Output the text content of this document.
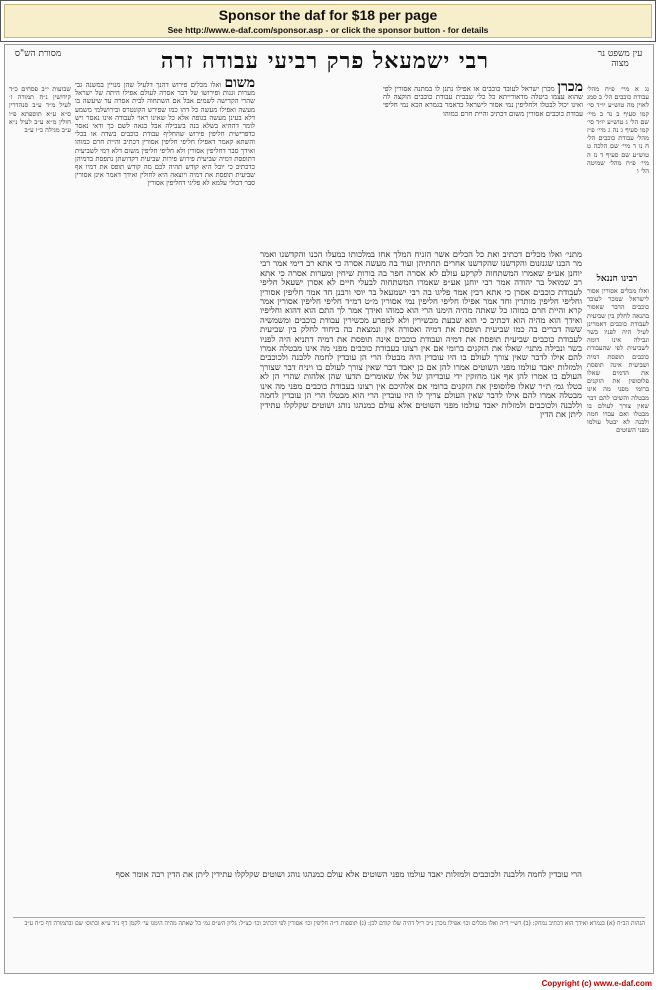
Sponsor the daf for $18 per page
See http://www.e-daf.com/sponsor.asp - or click the sponsor button - for details
עין משפט נר מצוה
מסורת הש"ס	רבי ישמעאל פרק רביעי עבודה זרה
נג א מיי׳ פ״ח מהל׳ עבודת כוכבים הל׳ ב סמג לאוין מה טוש״ע יו״ד סי׳ קמו סעיף ב נד ב מיי׳ שם הל׳ ג טוש״ע יו״ד סי׳ קמו סעיף ג נה ג מיי׳ פ״ז מהל׳ עבודת כוכבים הל׳ ח נו ד מיי׳ שם הלכה ט טוש״ע שם סעיף ד נז ה מיי׳ פ״ח מהל׳ שמיטה הל׳ ו
מכרן מכרן ישראל לעובד כוכבים או אפילו נתנן לו במתנה אסורין לפי שהוא עצמו ביטלה מדאורייתא כל כלי שבבית עבודת כוכבים הוקצה לה ואינו יכול לבטלו ולחליפין נמי אסור לישראל כדאמר בגמרא הכא נמי חליפי עבודת כוכבים אסורין משום דכתיב והיית חרם כמוהו
משום ואלו מכלים פירוש דהנך דלעיל שהן מנויין במשנה גבי מערות וגנות ופירושו של דבר אסרה לעולם אפילו היתה של ישראל שהרי הקדישה לשמים אבל אם השתחוה לבית אסרה עד שיעשה בו מעשה ואפילו מעשה כל דהו כמו שפירש הקונטרס ובירושלמי משמע דלא בעינן מעשה בגופה אלא כל שאינו ראוי לעבודה אינו נאסר ויש לומר דההיא בשלא בנה בשבילה אבל בנאה לשם כך ודאי נאסר כדפרישית חליפין פירוש שהחליף עבודת כוכבים בשדה או בכלי והשתא קאמר דאפילו חליפי חליפין אסורין דכתיב והיית חרם כמוהו ואידך סבר דחליפין אסורין ולא חליפי חליפין משום דלא דמי לשביעית דתופסת דמיה שביעית פירוש פירות שביעית דקדושתן נתפסת בדמיהן כדכתיב כי יובל היא קודש תהיה לכם מה קודש תופס את דמיו אף שביעית תופסת את דמיה ויוצאה היא לחולין ואידך דאמר אינן אסורין סבר דכולי עלמא לא פליגי דחליפין אסורין
שבועות י״ב פסחים כ״ד קידושין נ״ח תמורה ז׳ לעיל מ״ד ע״ב סנהדרין ס״א ע״א תוספתא פ״ו חולין מ״א ע״ב לעיל נ״א ע״ב מגילה כ״ו ע״ב
מתני׳ ואלו מכלים דכתיב ואת כל הכלים אשר הזניח המלך אחז במלכותו במעלו הכנו והקדשנו ואמר מר הכנו שגנזנום והקדשנו שהקדשנו אחרים תחתיהן ועוד בה מעשה אסרה כי אתא רב דימי אמר רבי יוחנן אע״פ שאמרו המשתחוה לקרקע עולם לא אסרה חפר בה בורות שיחין ומערות אסרה כי אתא רב שמואל בר יהודה אמר רבי יוחנן אע״פ שאמרו המשתחוה לבעלי חיים לא אסרן ישעאל חליפי לעבודת כוכבים אסרן כי אתא רבין אמר פליגו בה רבי ישמעאל בר יוסי ורבנן חד אמר חליפין אסורין וחליפי חליפין מותרין וחד אמר אפילו חליפי חליפין נמי אסורין מ״ט דמ״ד חליפי חליפין אסורין אמר קרא והיית חרם כמוהו כל שאתה מהיה הימנו הרי הוא כמוהו ואידך אמר לך התם הוא דהוא וחליפיו ואידך הוא מהיה הוא דכתיב כי הוא שבעת מכשירין ולא למפרע מכשירין עבודת כוכבים ומשמשיה ששה דברים בה כמו שביעית תופסת את דמיה ואסורה אין ונמצאת בה ביחוד לחלק בין שביעית לעבודת כוכבים שביעית תופסת את דמיה ועבודת כוכבים אינה תופסת את דמיה דתניא היה לפניו בשר ונבילה מתני׳ שאלו את הזקנים ברומי אם אין רצונו בעבודת כוכבים מפני מה אינו מבטלה אמרו להם אילו לדבר שאין צורך לעולם בו היו עובדין היה מבטלו הרי הן עובדין לחמה ללבנה ולכוכבים ולמזלות יאבד עולמו מפני השוטים אמרו להן אם כן יאבד דבר שאין צורך לעולם בו ויניח דבר שצורך העולם בו אמרו להן אף אנו מחזקין ידי עובדיהן של אלו שאומרים תדעו שהן אלהות שהרי הן לא בטלו גמ׳ ת״ר שאלו פלוסופין את הזקנים ברומי אם אלהיכם אין רצונו בעבודת כוכבים מפני מה אינו מבטלה אמרו להם אילו לדבר שאין העולם צריך לו היו עובדין הרי הוא מבטלו הרי הן עובדין לחמה וללבנה ולכוכבים ולמזלות יאבד עולמו מפני השוטים אלא עולם כמנהגו נוהג ושוטים שקלקלו עתידין ליתן את הדין
הרי עובדין לחמה וללבנה ולכוכבים ולמזלות יאבד עולמו מפני השוטים אלא עולם כמנהגו נוהג ושוטים שקלקלו עתידין ליתן את הדין רבה אומר אסף
רבינו חננאל
ואלו מכלים אסורין אסור לישראל שמכר לעובד כוכבים הדבר שאסור בהנאה לחלק בין שביעית לעבודת כוכבים דאמרינן לעיל היה לפניו בשר ונבילה אינו דומה לשביעית לפי שהעבודת כוכבים תופסת דמיה ושביעית אינה תופסת את הדמים שאלו פלוסופין את הזקנים ברומי מפני מה אינו מבטלה והשיבו להם דבר שאין צורך לעולם בו מבטלו ואם עבדו חמה ולבנה לא יבטל עולמו מפני השוטים
הגהות הב״ח (א) בגמרא ואידך הוא דכתיב נמחק: (ב) רש״י ד״ה ואלו מכלים וכו׳ אפילו מכרן נ״ב ר״ל דהיה שלו קודם לכן: (ג) תוספות ד״ה חליפין וכו׳ אסורין לפי דכתיב וכו׳ כצ״ל: גליון הש״ס גמ׳ כל שאתה מהיה הימנו עי׳ לקמן דף נ״ד ע״א ובתוס׳ שם ובתמורה דף כ״ח ע״ב
Copyright (c) www.e-daf.com
